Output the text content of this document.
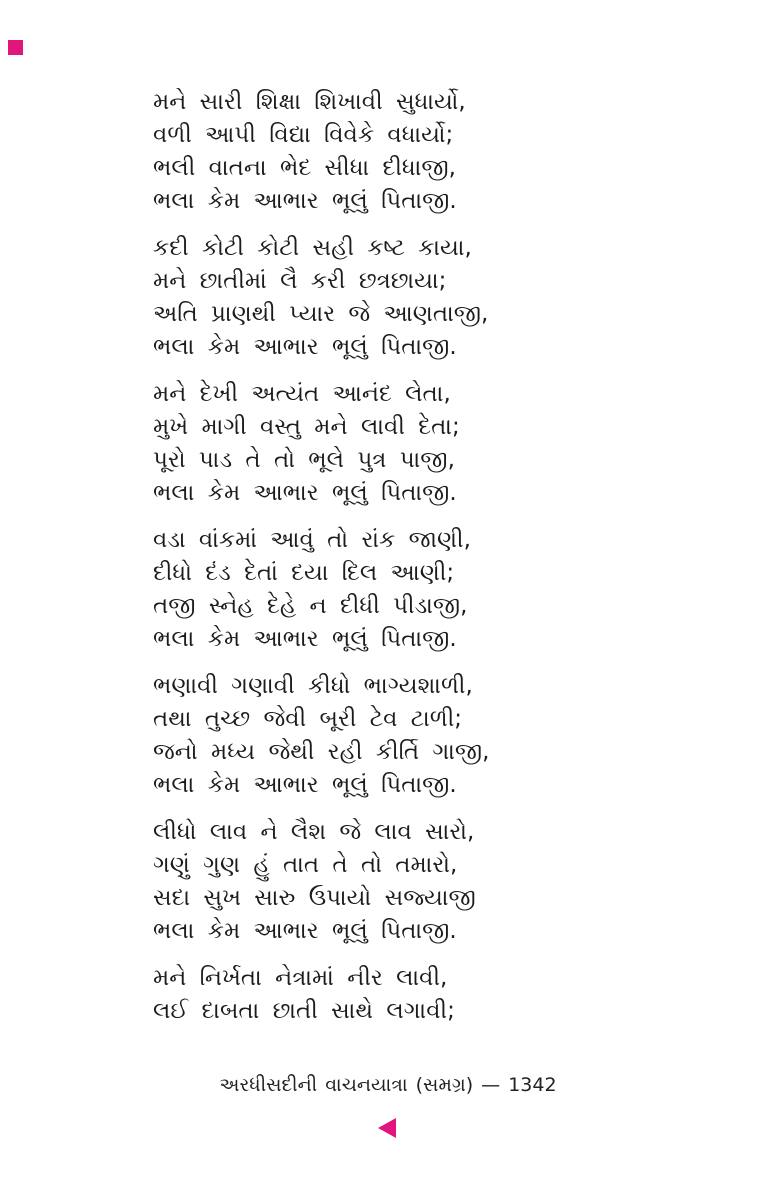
મને સારી શિક્ષા શિખાવી સુધાર્યો,

વળી આપી વિદ્યા વિવેકે વધાર્યો;

ભલી વાતના ભેદ સીધા દીધાજી,

ભલા કેમ આભાર ભૂલું પિતાજી.

કદી કોટી કોટી સહી કષ્ટ કાયા,

મને છાતીમાં લૈ કરી છત્રછાયા;

અતિ પ્રાણથી પ્યાર જે આણતાજી,

ભલા કેમ આભાર ભૂલું પિતાજી.

મને દેખી અત્યંત આનંદ લેતા,

મુખે માગી વસ્તુ મને લાવી દેતા;

પૂરો પાડ તે તો ભૂલે પુત્ર પાજી,

ભલા કેમ આભાર ભૂલું પિતાજી.

વડા વાંકમાં આવું તો રાંક જાણી,

દીધો દંડ દેતાં દયા દિલ આણી;

તજી સ્નેહ દેહે ન દીધી પીડાજી,

ભલા કેમ આભાર ભૂલું પિતાજી.

ભણાવી ગણાવી કીધો ભાગ્યશાળી,

તથા તુચ્છ જેવી બૂરી ટેવ ટાળી;

જનો મધ્ય જેથી રહી કીર્તિ ગાજી,

ભલા કેમ આભાર ભૂલું પિતાજી.

લીધો લાવ ને લૈશ જે લાવ સારો,

ગણું ગુણ હું તાત તે તો તમારો,

સદા સુખ સારુ ઉપાયો સજ્યાજી

ભલા કેમ આભાર ભૂલું પિતાજી.

મને નિર્ખતા નેત્રામાં નીર લાવી,

લઈ દાબતા છાતી સાથે લગાવી;

અરધીસદીની વાચનયાત્રા (સમગ્ર) — 1342
